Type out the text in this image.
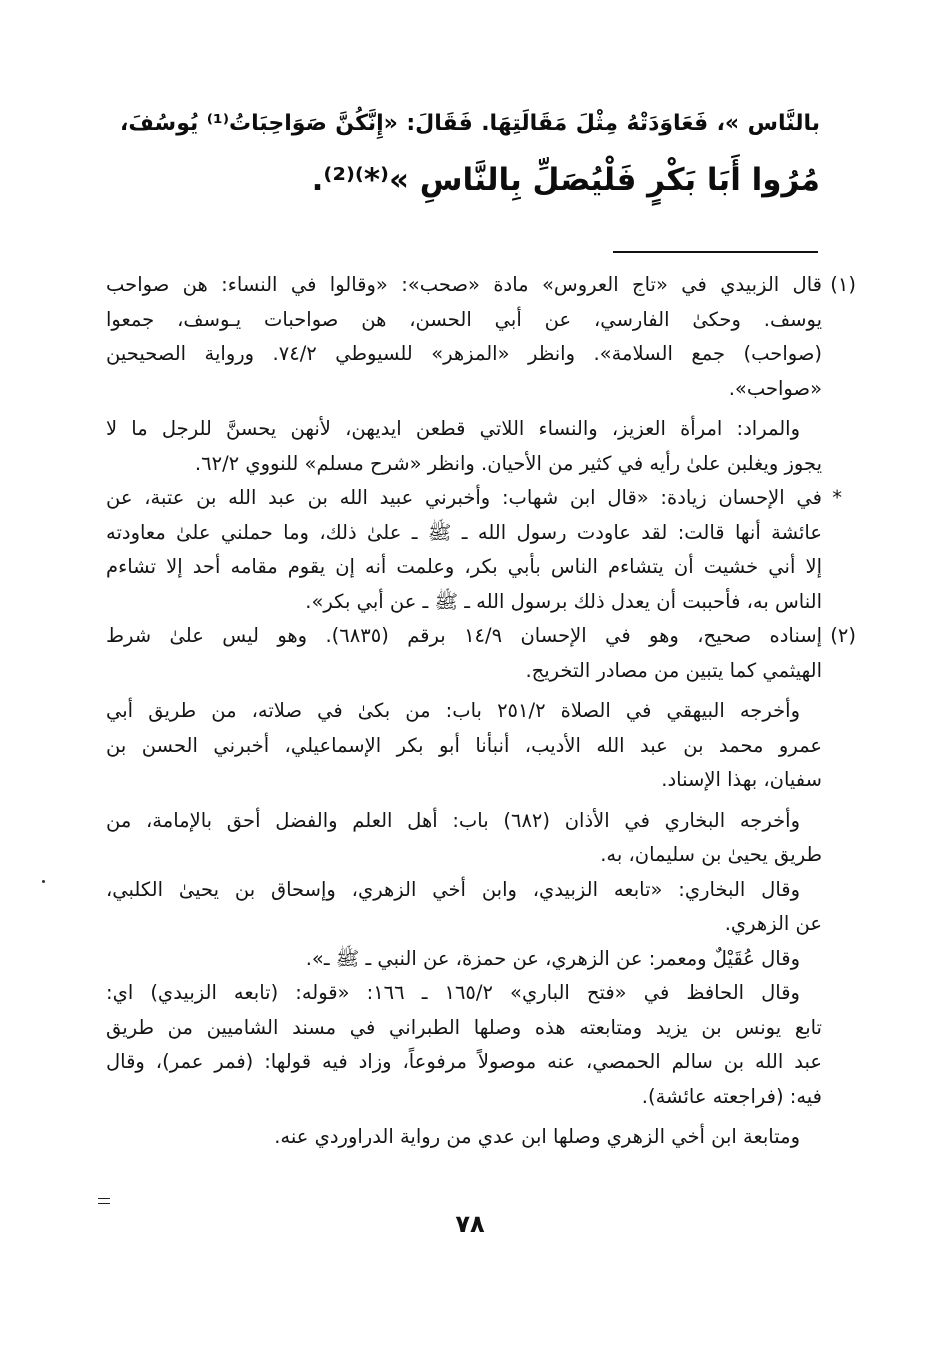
بالنَّاس »، فَعَاوَدَتْهُ مِثْلَ مَقَالَتِهَا. فَقَالَ: «إِنَّكُنَّ صَوَاحِبَاتُ⁽¹⁾ يُوسُفَ،
مُرُوا أَبَا بَكْرٍ فَلْيُصَلِّ بِالنَّاسِ »⁽*⁾⁽²⁾.
(١)
قال الزبيدي في «تاج العروس» مادة «صحب»: «وقالوا في النساء: هن صواحب
يوسف. وحكىٰ الفارسي، عن أبي الحسن، هن صواحبات يـوسف، جمعوا
(صواحب) جمع السلامة». وانظر «المزهر» للسيوطي ٧٤/٢. ورواية الصحيحين
«صواحب».
والمراد: امرأة العزيز، والنساء اللاتي قطعن ايديهن، لأنهن يحسنَّ للرجل ما لا
يجوز ويغلبن علىٰ رأيه في كثير من الأحيان. وانظر «شرح مسلم» للنووي ٦٢/٢.
*
في الإحسان زيادة: «قال ابن شهاب: وأخبرني عبيد الله بن عبد الله بن عتبة، عن
عائشة أنها قالت: لقد عاودت رسول الله ـ ﷺ ـ علىٰ ذلك، وما حملني علىٰ معاودته
إلا أني خشيت أن يتشاءم الناس بأبي بكر، وعلمت أنه إن يقوم مقامه أحد إلا تشاءم
الناس به، فأحببت أن يعدل ذلك برسول الله ـ ﷺ ـ عن أبي بكر».
(٢)
إسناده صحيح، وهو في الإحسان ١٤/٩ برقم (٦٨٣٥). وهو ليس علىٰ شرط
الهيثمي كما يتبين من مصادر التخريج.
وأخرجه البيهقي في الصلاة ٢٥١/٢ باب: من بكىٰ في صلاته، من طريق أبي
عمرو محمد بن عبد الله الأديب، أنبأنا أبو بكر الإسماعيلي، أخبرني الحسن بن
سفيان، بهذا الإسناد.
وأخرجه البخاري في الأذان (٦٨٢) باب: أهل العلم والفضل أحق بالإمامة، من
طريق يحيىٰ بن سليمان، به.
وقال البخاري: «تابعه الزبيدي، وابن أخي الزهري، وإسحاق بن يحيىٰ الكلبي،
عن الزهري.
وقال عُقَيْلٌ ومعمر: عن الزهري، عن حمزة، عن النبي ـ ﷺ ـ».
وقال الحافظ في «فتح الباري» ١٦٥/٢ ـ ١٦٦: «قوله: (تابعه الزبيدي) اي:
تابع يونس بن يزيد ومتابعته هذه وصلها الطبراني في مسند الشاميين من طريق
عبد الله بن سالم الحمصي، عنه موصولاً مرفوعاً، وزاد فيه قولها: (فمر عمر)، وقال
فيه: (فراجعته عائشة).
ومتابعة ابن أخي الزهري وصلها ابن عدي من رواية الدراوردي عنه.
٧٨
